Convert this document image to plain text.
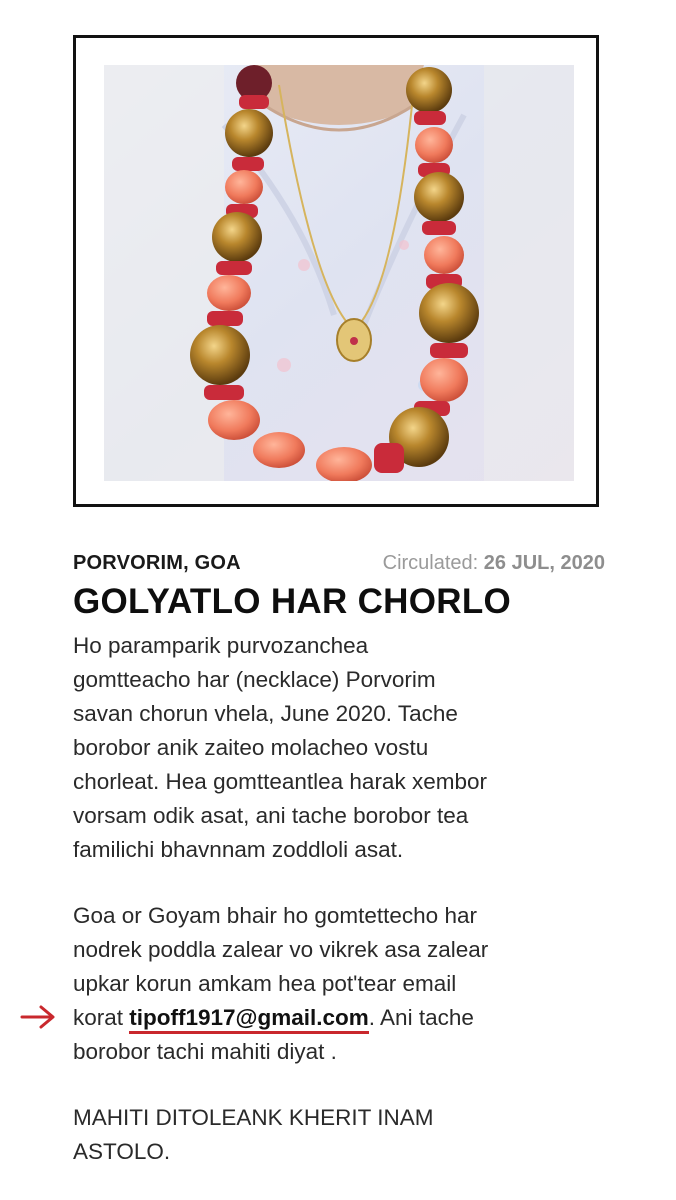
PORVORIM, GOA	Circulated: 26 JUL, 2020
GOLYATLO HAR CHORLO

Ho paramparik purvozanchea
gomtteacho har (necklace) Porvorim
savan chorun vhela, June 2020. Tache
borobor anik zaiteo molacheo vostu
chorleat. Hea gomtteantlea harak xembor
vorsam odik asat, ani tache borobor tea
familichi bhavnnam zoddloli asat.

Goa or Goyam bhair ho gomtettecho har
nodrek poddla zalear vo vikrek asa zalear
upkar korun amkam hea pot'tear email
korat tipoff1917@gmail.com. Ani tache
borobor tachi mahiti diyat .

MAHITI DITOLEANK KHERIT INAM
ASTOLO.
